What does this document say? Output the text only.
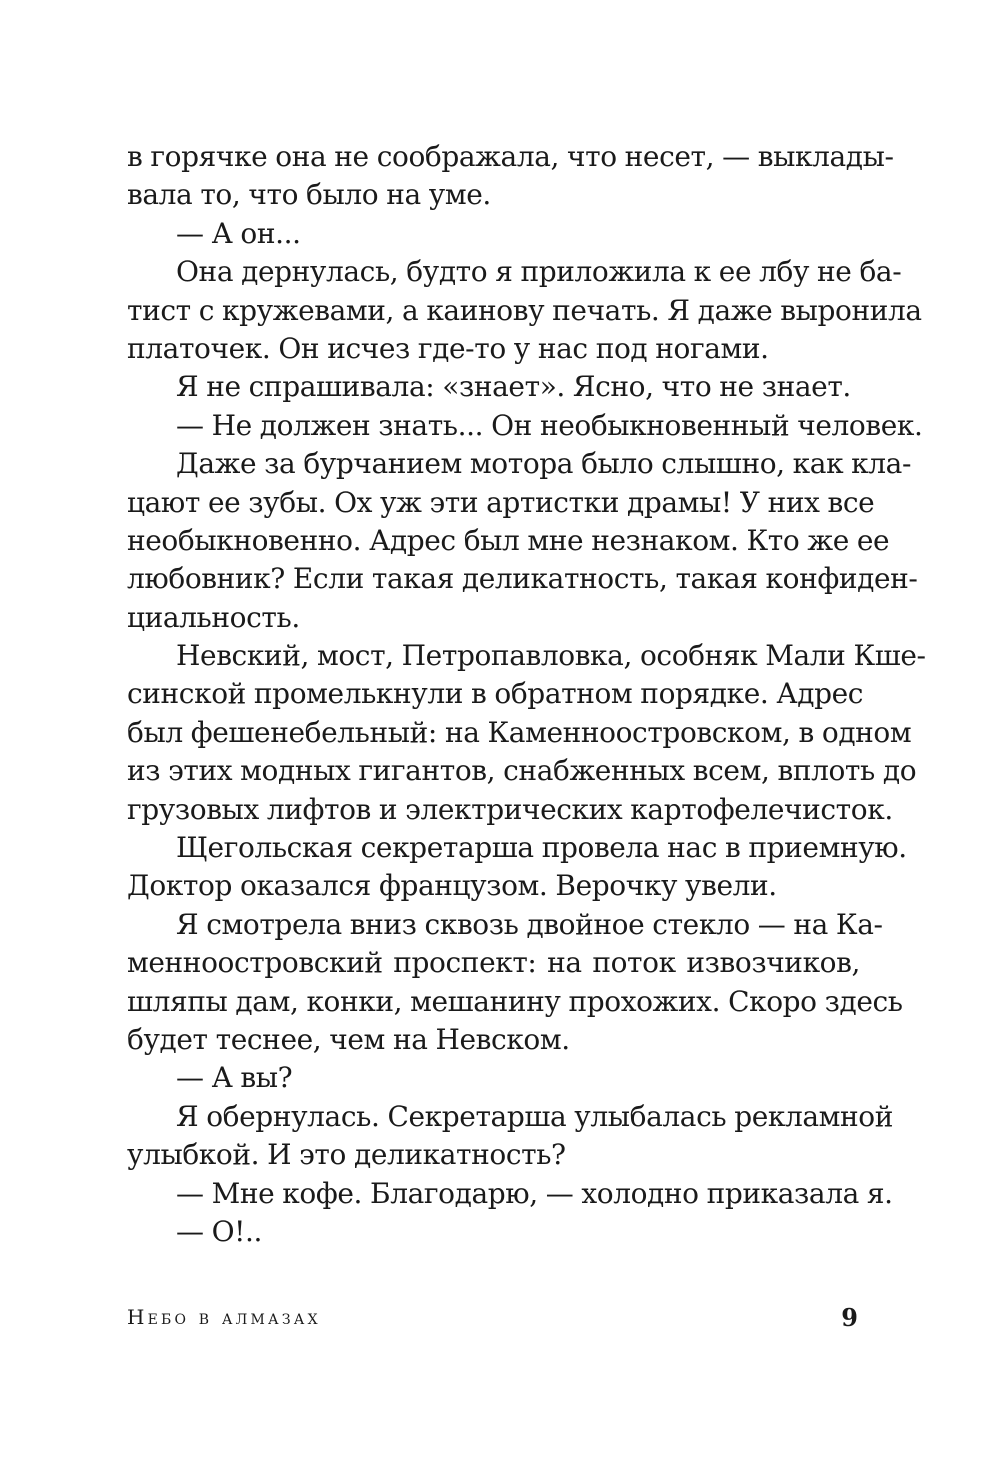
в горячке она не соображала, что несет, — выклады-
вала то, что было на уме.
— А он...
Она дернулась, будто я приложила к ее лбу не ба-
тист с кружевами, а каинову печать. Я даже выронила
платочек. Он исчез где-то у нас под ногами.
Я не спрашивала: «знает». Ясно, что не знает.
— Не должен знать... Он необыкновенный человек.
Даже за бурчанием мотора было слышно, как кла-
цают ее зубы. Ох уж эти артистки драмы! У них все
необыкновенно. Адрес был мне незнаком. Кто же ее
любовник? Если такая деликатность, такая конфиден-
циальность.
Невский, мост, Петропавловка, особняк Мали Кше-
синской промелькнули в обратном порядке. Адрес
был фешенебельный: на Каменноостровском, в одном
из этих модных гигантов, снабженных всем, вплоть до
грузовых лифтов и электрических картофелечисток.
Щегольская секретарша провела нас в приемную.
Доктор оказался французом. Верочку увели.
Я смотрела вниз сквозь двойное стекло — на Ка-
менноостровский проспект: на поток извозчиков,
шляпы дам, конки, мешанину прохожих. Скоро здесь
будет теснее, чем на Невском.
— А вы?
Я обернулась. Секретарша улыбалась рекламной
улыбкой. И это деликатность?
— Мне кофе. Благодарю, — холодно приказала я.
— О!..
Небо в алмазах	9
